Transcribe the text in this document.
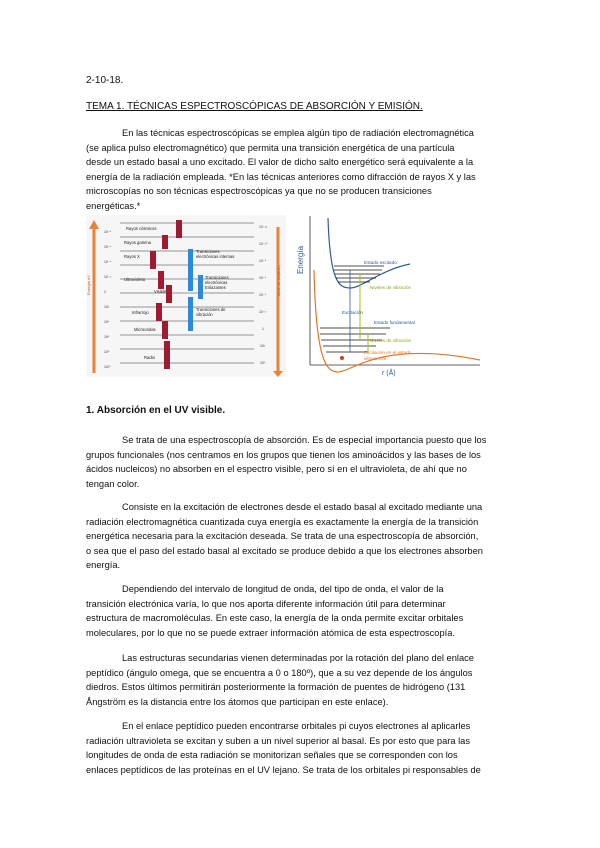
2-10-18.
TEMA 1. TÉCNICAS ESPECTROSCÓPICAS DE ABSORCIÓN Y EMISIÓN.

En las técnicas espectroscópicas se emplea algún tipo de radiación electromagnética
(se aplica pulso electromagnético) que permita una transición energética de una partícula
desde un estado basal a uno excitado. El valor de dicho salto energético será equivalente a la
energía de la radiación empleada. *En las técnicas anteriores como difracción de rayos X y las
microscopías no son técnicas espectroscópicas ya que no se producen transiciones
energéticas.*

Rayos cósmicos
Rayos gamma
Rayos X
Ultravioleta
Visible
Infrarrojo
Microondas
Radio
Transiciones electrónicas internas
Transiciones electrónicas Enlazantes
Transiciones de vibración
Energía eV	Longitud de onda
10⁻⁸
10⁻⁶
10⁻⁴
10⁻²
1
10²
10⁴
10⁶
10⁸
10¹⁰
10⁻¹²
10⁻¹⁰
10⁻⁸
10⁻⁶
10⁻⁴
10⁻²
1
10²
10⁴
Energía
r (Å)
Estado excitado
Niveles de vibración
Excitación
Estado fundamental
Niveles de vibración
Excitación en el estado vibracional
1. Absorción en el UV visible.

Se trata de una espectroscopía de absorción. Es de especial importancia puesto que los
grupos funcionales (nos centramos en los grupos que tienen los aminoácidos y las bases de los
ácidos nucleicos) no absorben en el espectro visible, pero sí en el ultravioleta, de ahí que no
tengan color.

Consiste en la excitación de electrones desde el estado basal al excitado mediante una
radiación electromagnética cuantizada cuya energía es exactamente la energía de la transición
energética necesaria para la excitación deseada. Se trata de una espectroscopía de absorción,
o sea que el paso del estado basal al excitado se produce debido a que los electrones absorben
energía.

Dependiendo del intervalo de longitud de onda, del tipo de onda, el valor de la
transición electrónica varía, lo que nos aporta diferente información útil para determinar
estructura de macromoléculas. En este caso, la energía de la onda permite excitar orbitales
moleculares, por lo que no se puede extraer información atómica de esta espectroscopía.

Las estructuras secundarias vienen determinadas por la rotación del plano del enlace
peptídico (ángulo omega, que se encuentra a 0 o 180º), que a su vez depende de los ángulos
diedros. Estos últimos permitirán posteriormente la formación de puentes de hidrógeno (131
Ångström es la distancia entre los átomos que participan en este enlace).

En el enlace peptídico pueden encontrarse orbitales pi cuyos electrones al aplicarles
radiación ultravioleta se excitan y suben a un nivel superior al basal. Es por esto que para las
longitudes de onda de esta radiación se monitorizan señales que se corresponden con los
enlaces peptídicos de las proteínas en el UV lejano. Se trata de los orbitales pi responsables de
